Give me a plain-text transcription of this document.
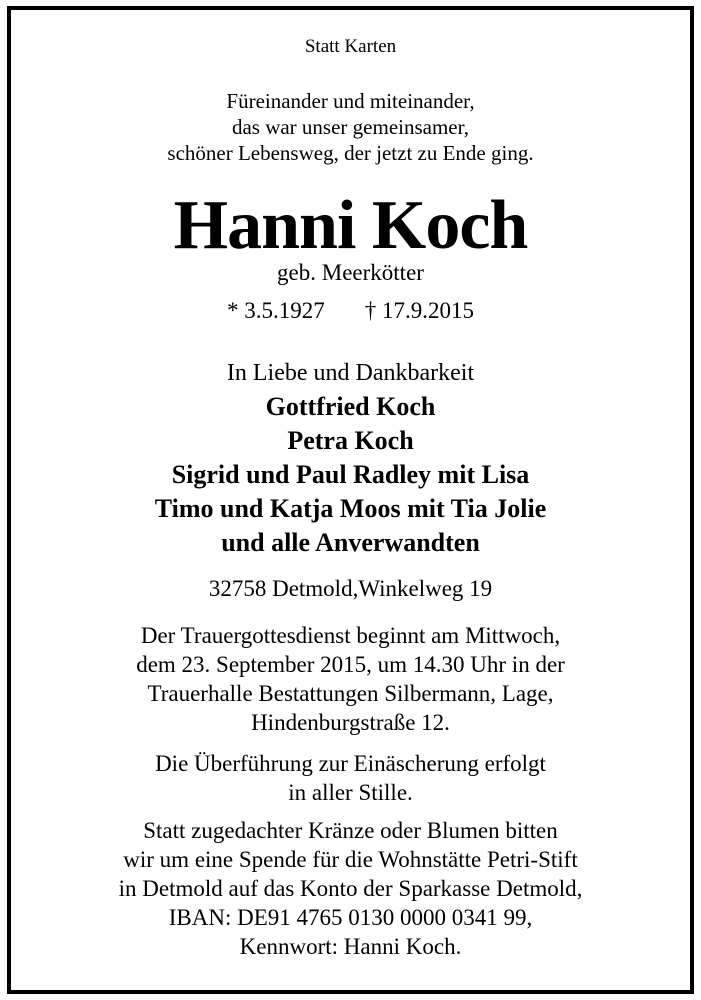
Statt Karten
Füreinander und miteinander,
das war unser gemeinsamer,
schöner Lebensweg, der jetzt zu Ende ging.
Hanni Koch
geb. Meerkötter
* 3.5.1927 † 17.9.2015
In Liebe und Dankbarkeit
Gottfried Koch
Petra Koch
Sigrid und Paul Radley mit Lisa
Timo und Katja Moos mit Tia Jolie
und alle Anverwandten
32758 Detmold,Winkelweg 19
Der Trauergottesdienst beginnt am Mittwoch,
dem 23. September 2015, um 14.30 Uhr in der
Trauerhalle Bestattungen Silbermann, Lage,
Hindenburgstraße 12.
Die Überführung zur Einäscherung erfolgt
in aller Stille.
Statt zugedachter Kränze oder Blumen bitten
wir um eine Spende für die Wohnstätte Petri-Stift
in Detmold auf das Konto der Sparkasse Detmold,
IBAN: DE91 4765 0130 0000 0341 99,
Kennwort: Hanni Koch.
